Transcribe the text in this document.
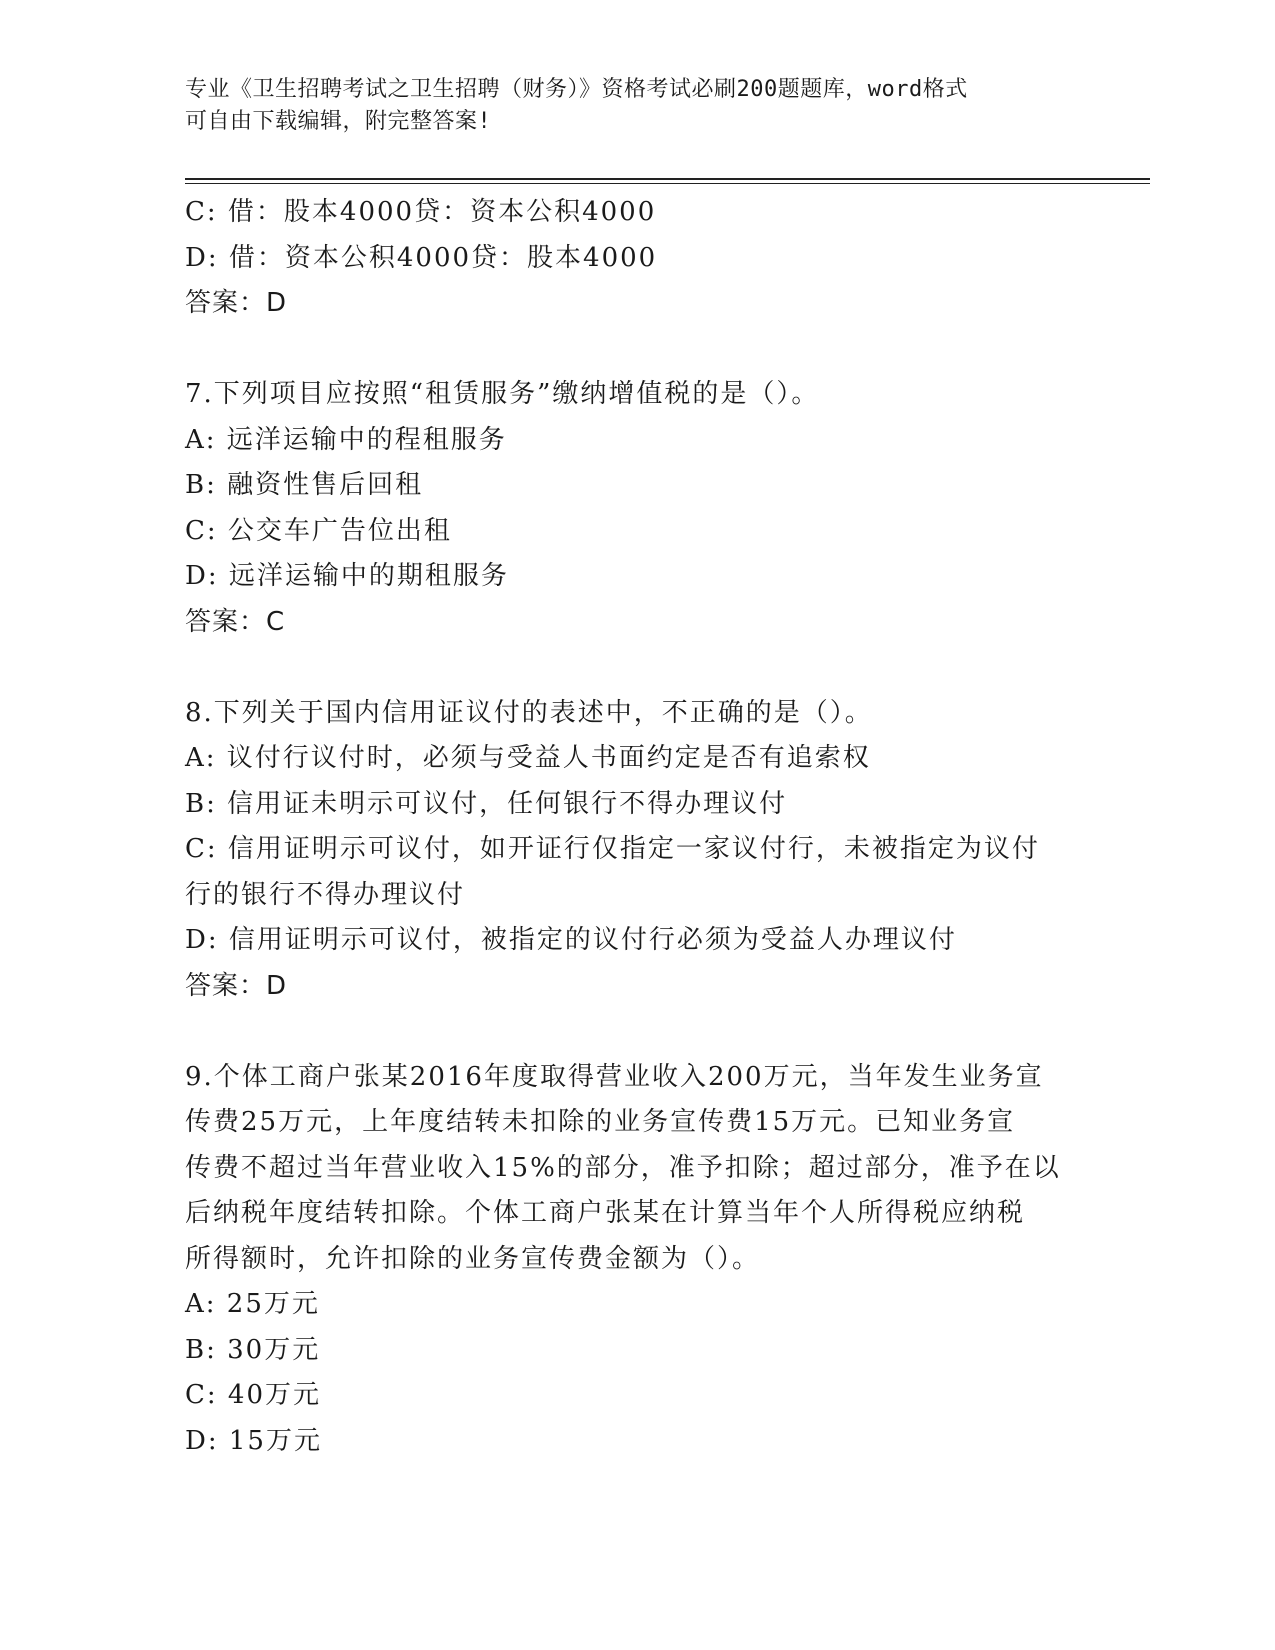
专业《卫生招聘考试之卫生招聘（财务）》资格考试必刷200题题库，word格式
可自由下载编辑，附完整答案!
C: 借：股本4000贷：资本公积4000
D: 借：资本公积4000贷：股本4000
答案：D
7.下列项目应按照“租赁服务”缴纳增值税的是（）。
A: 远洋运输中的程租服务
B: 融资性售后回租
C: 公交车广告位出租
D: 远洋运输中的期租服务
答案：C
8.下列关于国内信用证议付的表述中，不正确的是（）。
A: 议付行议付时，必须与受益人书面约定是否有追索权
B: 信用证未明示可议付，任何银行不得办理议付
C: 信用证明示可议付，如开证行仅指定一家议付行，未被指定为议付
行的银行不得办理议付
D: 信用证明示可议付，被指定的议付行必须为受益人办理议付
答案：D
9.个体工商户张某2016年度取得营业收入200万元，当年发生业务宣
传费25万元，上年度结转未扣除的业务宣传费15万元。已知业务宣
传费不超过当年营业收入15%的部分，准予扣除；超过部分，准予在以
后纳税年度结转扣除。个体工商户张某在计算当年个人所得税应纳税
所得额时，允许扣除的业务宣传费金额为（）。
A: 25万元
B: 30万元
C: 40万元
D: 15万元
